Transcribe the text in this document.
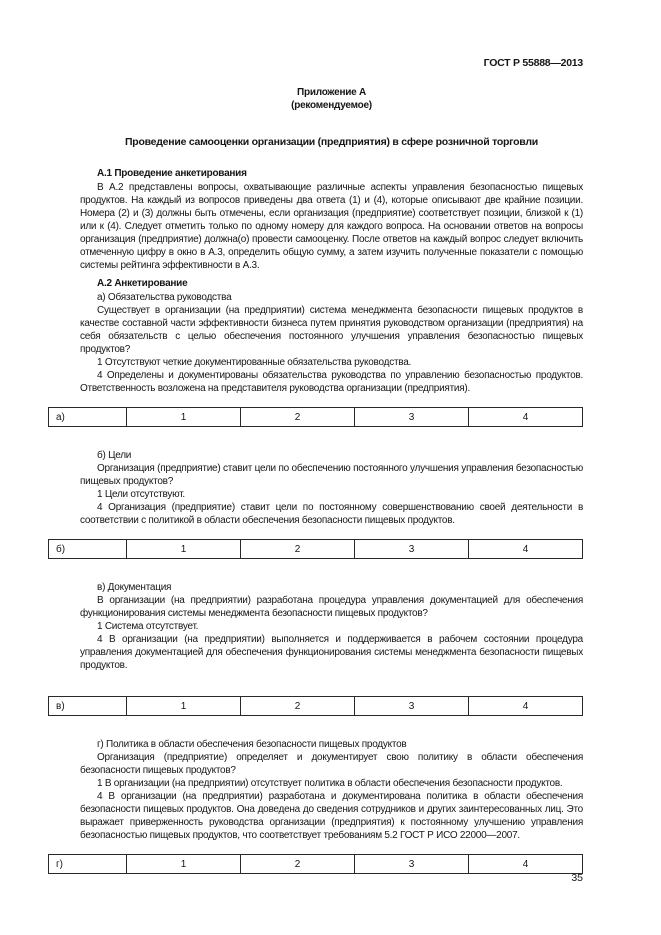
ГОСТ Р 55888—2013
Приложение А
(рекомендуемое)
Проведение самооценки организации (предприятия) в сфере розничной торговли
А.1 Проведение анкетирования

В А.2 представлены вопросы, охватывающие различные аспекты управления безопасностью пищевых продуктов. На каждый из вопросов приведены два ответа (1) и (4), которые описывают две крайние позиции. Номера (2) и (3) должны быть отмечены, если организация (предприятие) соответствует позиции, близкой к (1) или к (4). Следует отметить только по одному номеру для каждого вопроса. На основании ответов на вопросы организация (предприятие) должна(о) провести самооценку. После ответов на каждый вопрос следует включить отмеченную цифру в окно в А.3, определить общую сумму, а затем изучить полученные показатели с помощью системы рейтинга эффективности в А.3.

А.2 Анкетирование

а) Обязательства руководства

Существует в организации (на предприятии) система менеджмента безопасности пищевых продуктов в качестве составной части эффективности бизнеса путем принятия руководством организации (предприятия) на себя обязательств с целью обеспечения постоянного улучшения управления безопасностью пищевых продуктов?

1 Отсутствуют четкие документированные обязательства руководства.

4 Определены и документированы обязательства руководства по управлению безопасностью продуктов. Ответственность возложена на представителя руководства организации (предприятия).

а)	1	2	3	4

б) Цели

Организация (предприятие) ставит цели по обеспечению постоянного улучшения управления безопасностью пищевых продуктов?

1 Цели отсутствуют.

4 Организация (предприятие) ставит цели по постоянному совершенствованию своей деятельности в соответствии с политикой в области обеспечения безопасности пищевых продуктов.

б)	1	2	3	4

в) Документация

В организации (на предприятии) разработана процедура управления документацией для обеспечения функционирования системы менеджмента безопасности пищевых продуктов?

1 Система отсутствует.

4 В организации (на предприятии) выполняется и поддерживается в рабочем состоянии процедура управления документацией для обеспечения функционирования системы менеджмента безопасности пищевых продуктов.

в)	1	2	3	4

г) Политика в области обеспечения безопасности пищевых продуктов

Организация (предприятие) определяет и документирует свою политику в области обеспечения безопасности пищевых продуктов?

1 В организации (на предприятии) отсутствует политика в области обеспечения безопасности продуктов.

4 В организации (на предприятии) разработана и документирована политика в области обеспечения безопасности пищевых продуктов. Она доведена до сведения сотрудников и других заинтересованных лиц. Это выражает приверженность руководства организации (предприятия) к постоянному улучшению управления безопасностью пищевых продуктов, что соответствует требованиям 5.2 ГОСТ Р ИСО 22000—2007.

г)	1	2	3	4
35
